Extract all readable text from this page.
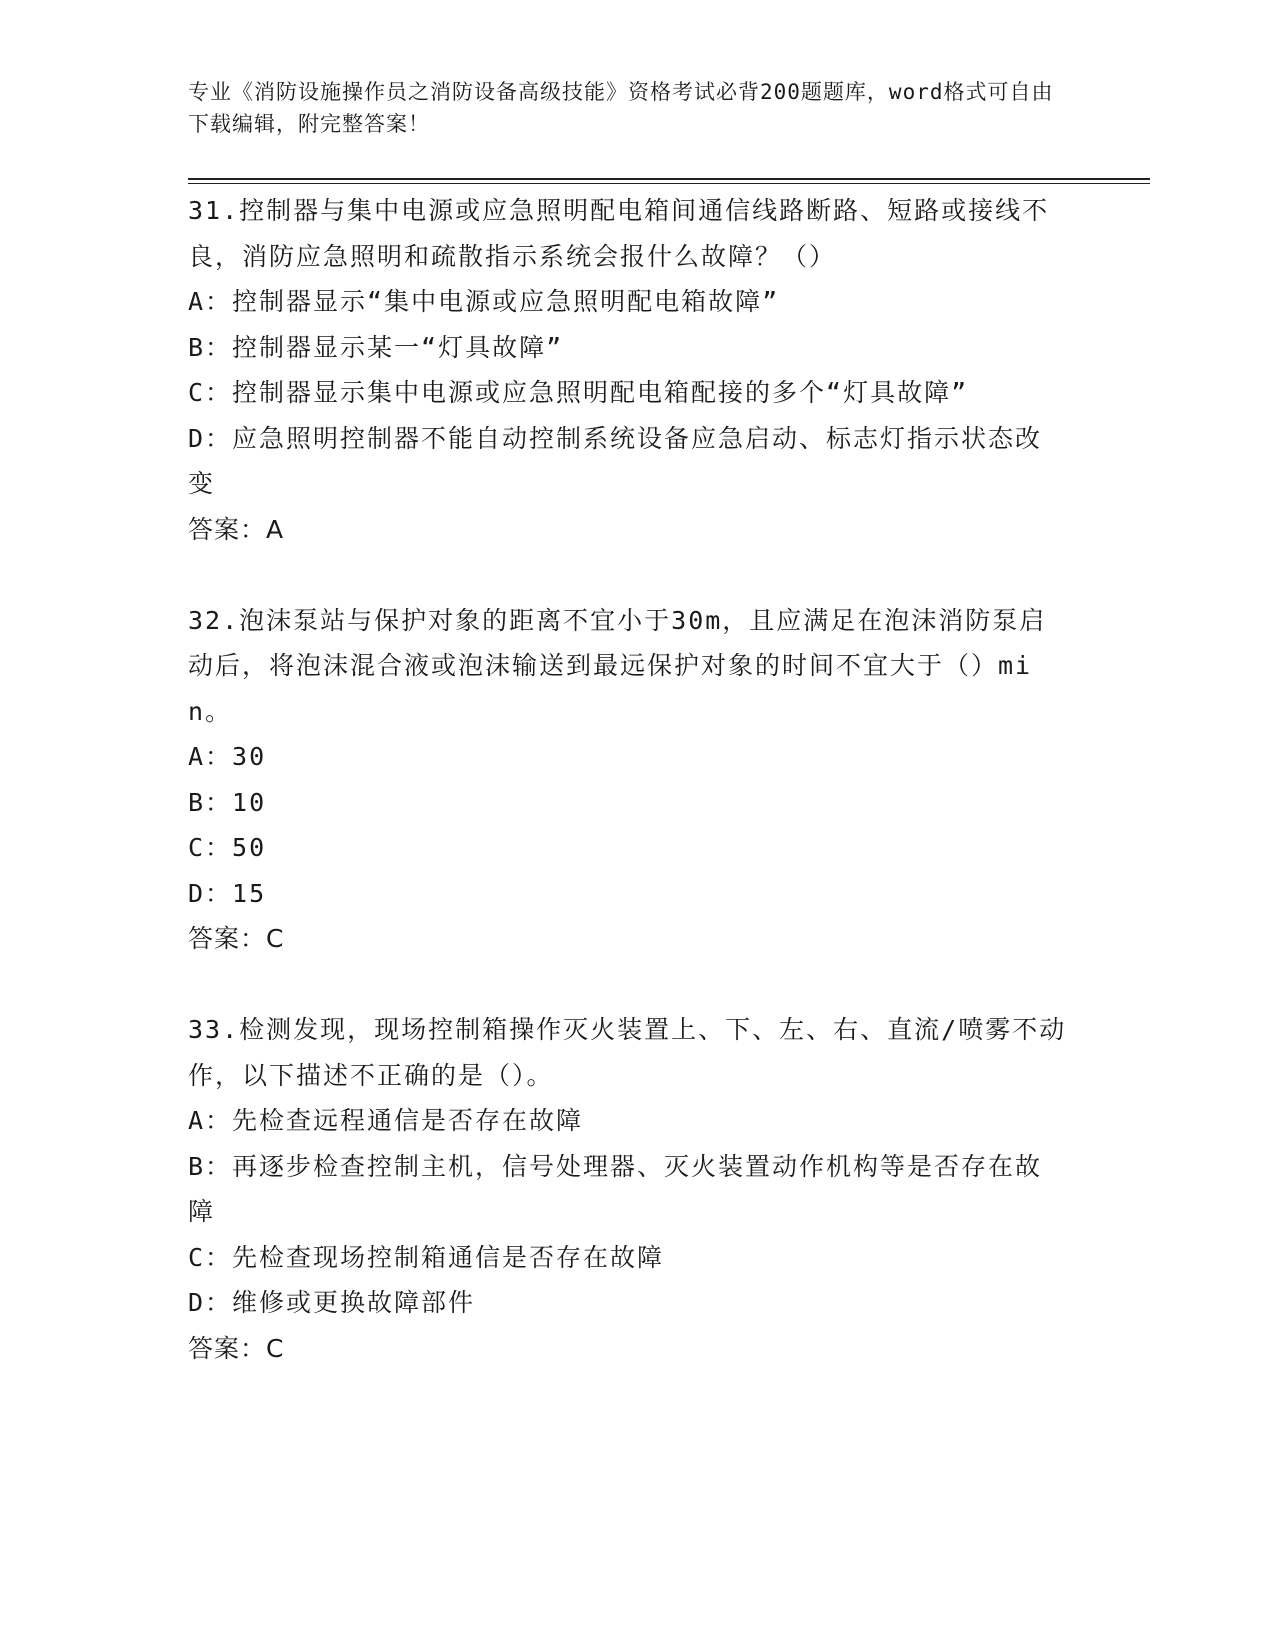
专业《消防设施操作员之消防设备高级技能》资格考试必背200题题库，word格式可自由下载编辑，附完整答案！

31.控制器与集中电源或应急照明配电箱间通信线路断路、短路或接线不良，消防应急照明和疏散指示系统会报什么故障？（）

A：控制器显示“集中电源或应急照明配电箱故障”

B：控制器显示某一“灯具故障”

C：控制器显示集中电源或应急照明配电箱配接的多个“灯具故障”

D：应急照明控制器不能自动控制系统设备应急启动、标志灯指示状态改变

答案：A

32.泡沫泵站与保护对象的距离不宜小于30m，且应满足在泡沫消防泵启动后，将泡沫混合液或泡沫输送到最远保护对象的时间不宜大于（）min。

A：30

B：10

C：50

D：15

答案：C

33.检测发现，现场控制箱操作灭火装置上、下、左、右、直流/喷雾不动作，以下描述不正确的是（）。

A：先检查远程通信是否存在故障

B：再逐步检查控制主机，信号处理器、灭火装置动作机构等是否存在故障

C：先检查现场控制箱通信是否存在故障

D：维修或更换故障部件

答案：C
